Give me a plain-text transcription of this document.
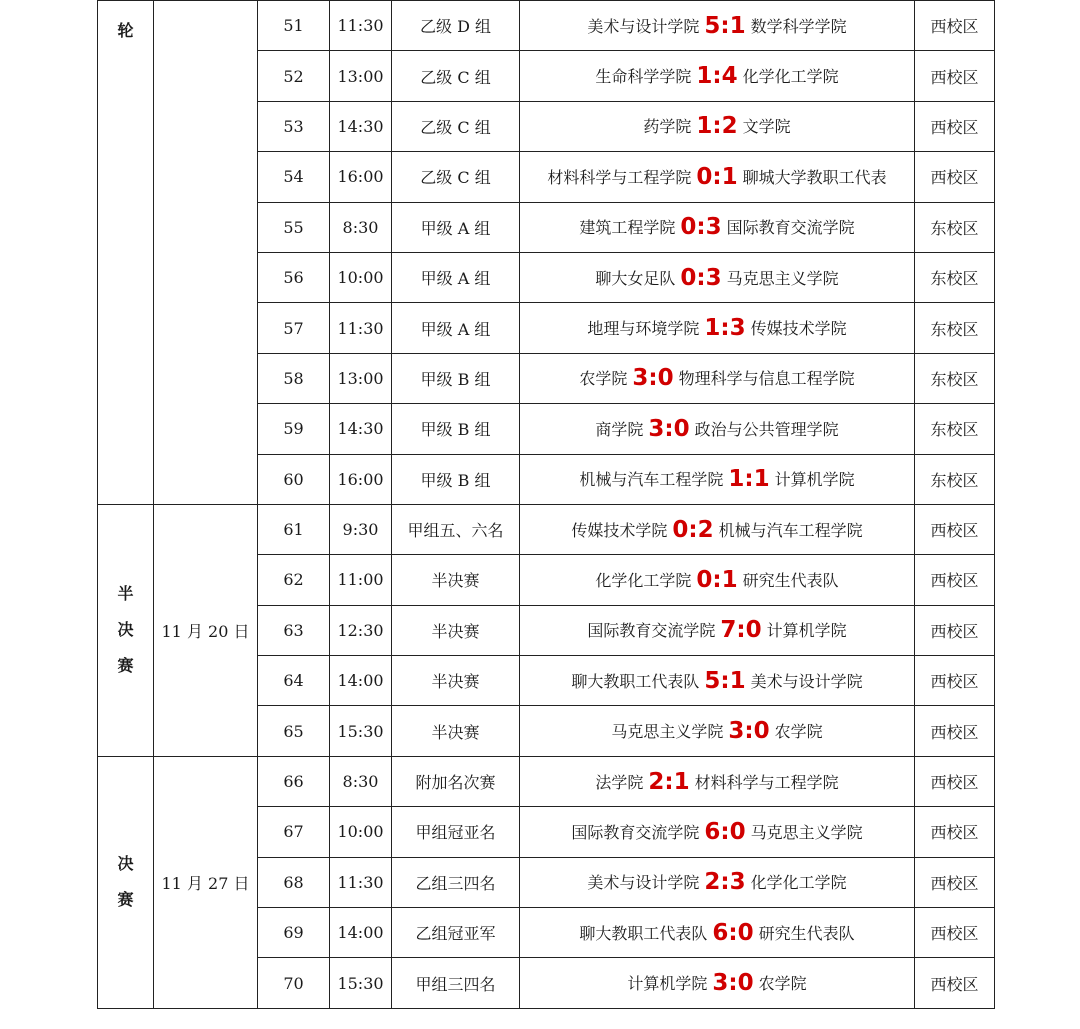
轮		51	11:30	乙级 D 组	美术与设计学院 5:1 数学科学学院	西校区
		52	13:00	乙级 C 组	生命科学学院 1:4 化学化工学院	西校区
		53	14:30	乙级 C 组	药学院 1:2 文学院	西校区
		54	16:00	乙级 C 组	材料科学与工程学院 0:1 聊城大学教职工代表	西校区
		55	8:30	甲级 A 组	建筑工程学院 0:3 国际教育交流学院	东校区
		56	10:00	甲级 A 组	聊大女足队 0:3 马克思主义学院	东校区
		57	11:30	甲级 A 组	地理与环境学院 1:3 传媒技术学院	东校区
		58	13:00	甲级 B 组	农学院 3:0 物理科学与信息工程学院	东校区
		59	14:30	甲级 B 组	商学院 3:0 政治与公共管理学院	东校区
		60	16:00	甲级 B 组	机械与汽车工程学院 1:1 计算机学院	东校区

半
决
赛	11 月 20 日	61	9:30	甲组五、六名	传媒技术学院 0:2 机械与汽车工程学院	西校区
		62	11:00	半决赛	化学化工学院 0:1 研究生代表队	西校区
		63	12:30	半决赛	国际教育交流学院 7:0 计算机学院	西校区
		64	14:00	半决赛	聊大教职工代表队 5:1 美术与设计学院	西校区
		65	15:30	半决赛	马克思主义学院 3:0 农学院	西校区

决
赛	11 月 27 日	66	8:30	附加名次赛	法学院 2:1 材料科学与工程学院	西校区
		67	10:00	甲组冠亚名	国际教育交流学院 6:0 马克思主义学院	西校区
		68	11:30	乙组三四名	美术与设计学院 2:3 化学化工学院	西校区
		69	14:00	乙组冠亚军	聊大教职工代表队 6:0 研究生代表队	西校区
		70	15:30	甲组三四名	计算机学院 3:0 农学院	西校区
